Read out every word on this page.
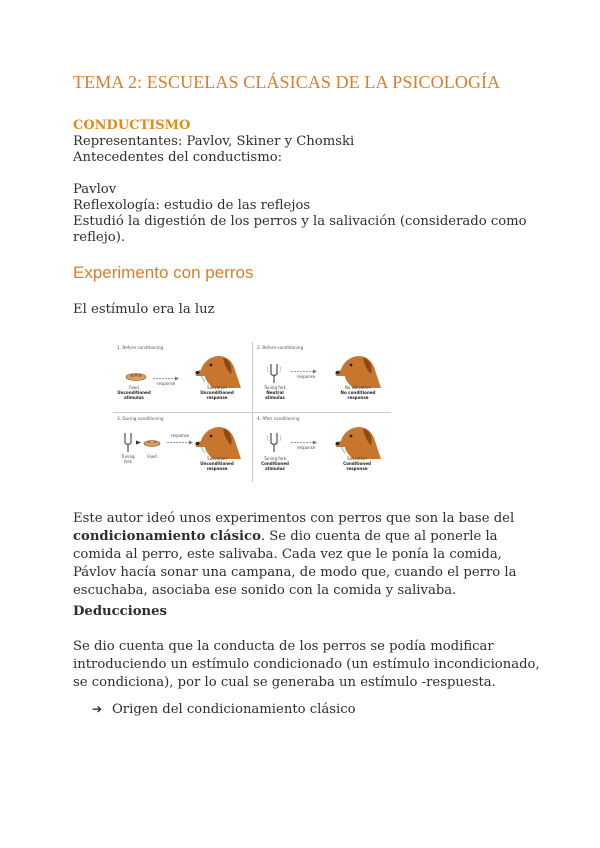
TEMA 2: ESCUELAS CLÁSICAS DE LA PSICOLOGÍA
CONDUCTISMO
Representantes: Pavlov, Skiner y Chomski
Antecedentes del conductismo:
Pavlov
Reflexología: estudio de las reflejos
Estudió la digestión de los perros y la salivación (considerado como
reflejo).
Experimento con perros
El estímulo era la luz
1. Before conditioning
response
Food
Unconditioned
stimulus
Salivation
Unconditioned
response
2. Before conditioning
response
Tuning fork
Neutral
stimulus
No salivation
No conditioned
response
3. During conditioning
response
Tuning
fork
Food	Salivation
Unconditioned
response
4. After conditioning
response
Tuning fork
Conditioned
stimulus
Salivation
Conditioned
response
Este autor ideó unos experimentos con perros que son la base del condicionamiento clásico. Se dio cuenta de que al ponerle la comida al perro, este salivaba. Cada vez que le ponía la comida, Pávlov hacía sonar una campana, de modo que, cuando el perro la escuchaba, asociaba ese sonido con la comida y salivaba.
Deducciones
Se dio cuenta que la conducta de los perros se podía modificar introduciendo un estímulo condicionado (un estímulo incondicionado, se condiciona), por lo cual se generaba un estímulo -respuesta.
➔ Origen del condicionamiento clásico
